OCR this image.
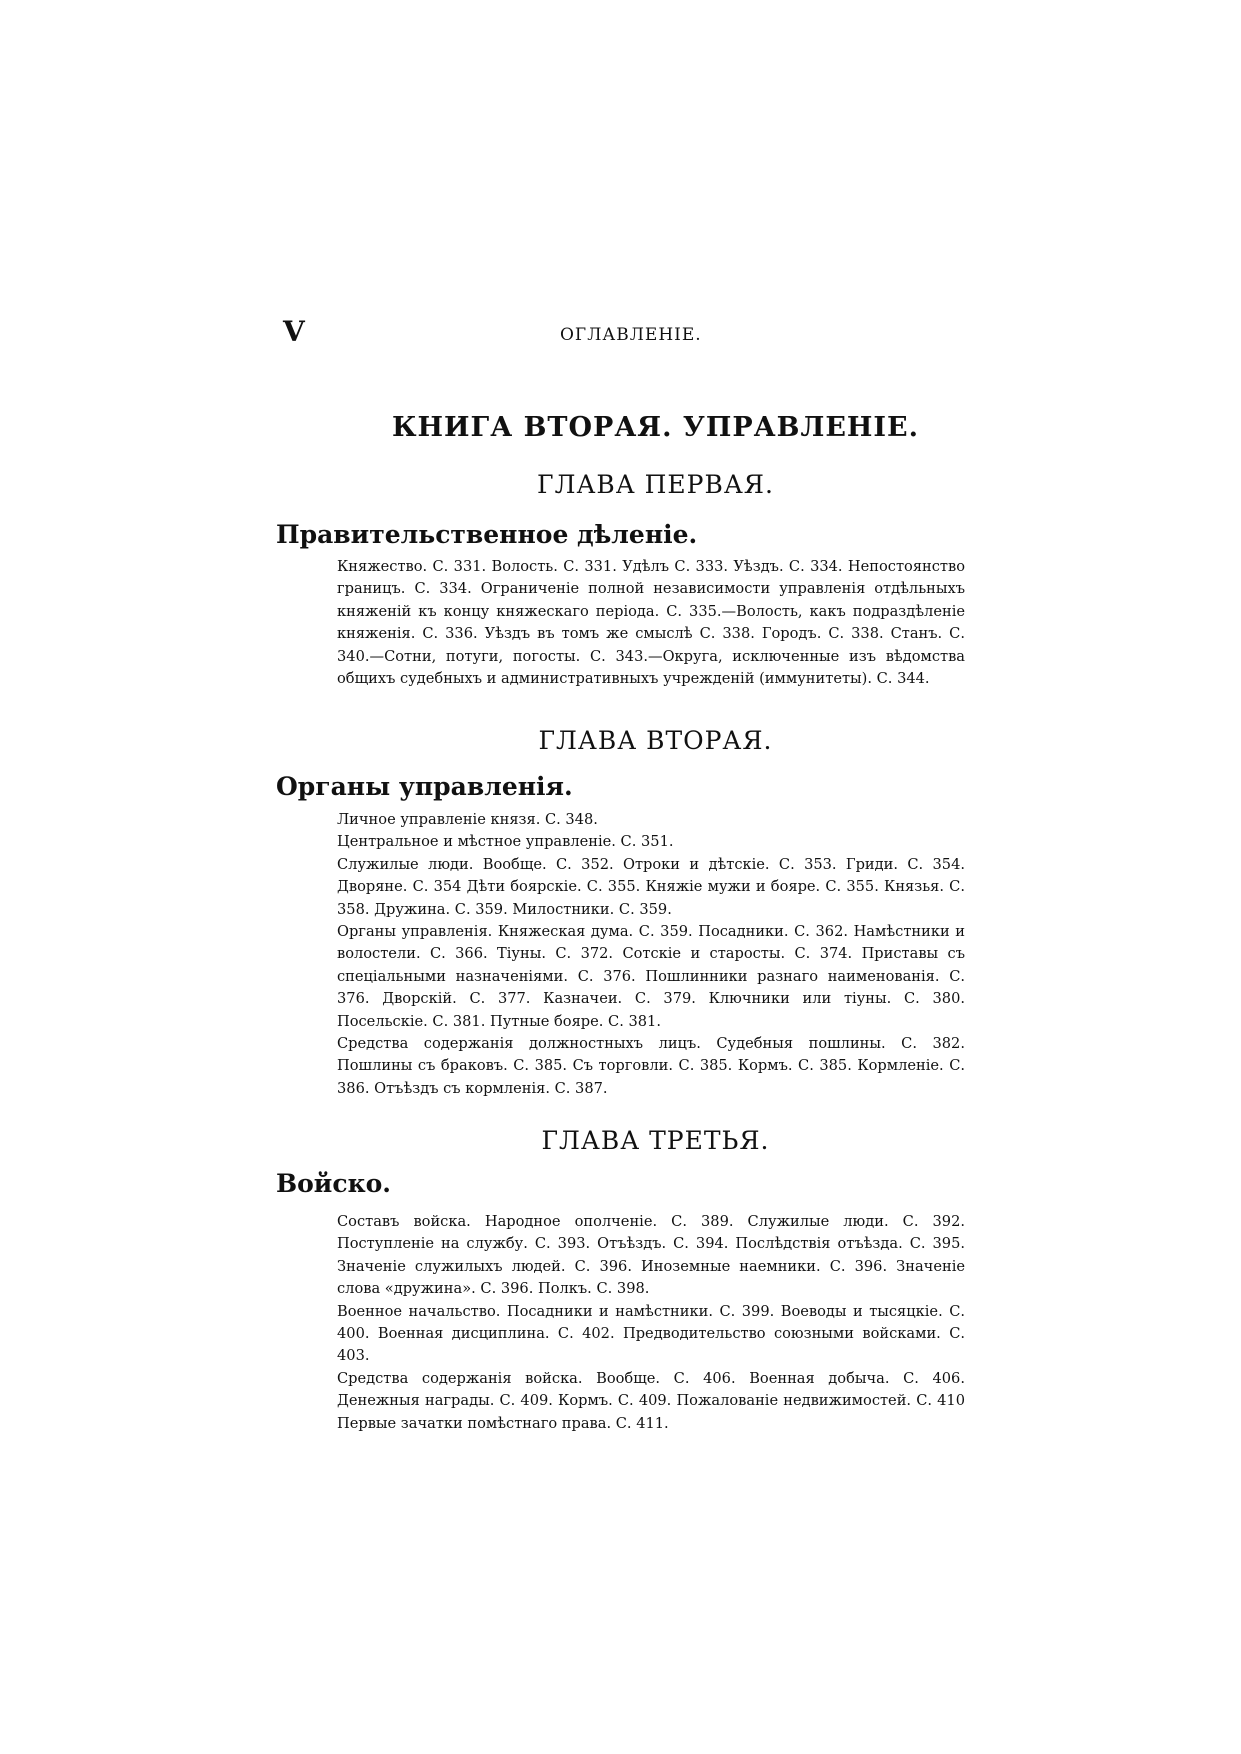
V	ОГЛАВЛЕНІЕ.
КНИГА ВТОРАЯ. УПРАВЛЕНІЕ.
ГЛАВА ПЕРВАЯ.
Правительственное дѣленіе.

Княжество. С. 331. Волость. С. 331. Удѣлъ С. 333. Уѣздъ. С. 334. Непостоянство границъ. С. 334. Ограниченіе полной независимости управленія отдѣльныхъ княженій къ концу княжескаго періода. С. 335.—Волость, какъ подраздѣленіе княженія. С. 336. Уѣздъ въ томъ же смыслѣ С. 338. Городъ. С. 338. Станъ. С. 340.—Сотни, потуги, погосты. С. 343.—Округа, исключенные изъ вѣдомства общихъ судебныхъ и административныхъ учрежденій (иммунитеты). С. 344.

ГЛАВА ВТОРАЯ.
Органы управленія.

Личное управленіе князя. С. 348.

Центральное и мѣстное управленіе. С. 351.

Служилые люди. Вообще. С. 352. Отроки и дѣтскіе. С. 353. Гриди. С. 354. Дворяне. С. 354 Дѣти боярскіе. С. 355. Княжіе мужи и бояре. С. 355. Князья. С. 358. Дружина. С. 359. Милостники. С. 359.

Органы управленія. Княжеская дума. С. 359. Посадники. С. 362. Намѣстники и волостели. С. 366. Тіуны. С. 372. Сотскіе и старосты. С. 374. Приставы съ спеціальными назначеніями. С. 376. Пошлинники разнаго наименованія. С. 376. Дворскій. С. 377. Казначеи. С. 379. Ключники или тіуны. С. 380. Посельскіе. С. 381. Путные бояре. С. 381.

Средства содержанія должностныхъ лицъ. Судебныя пошлины. С. 382. Пошлины съ браковъ. С. 385. Съ торговли. С. 385. Кормъ. С. 385. Кормленіе. С. 386. Отъѣздъ съ кормленія. С. 387.

ГЛАВА ТРЕТЬЯ.
Войско.

Составъ войска. Народное ополченіе. С. 389. Служилые люди. С. 392. Поступленіе на службу. С. 393. Отъѣздъ. С. 394. Послѣдствія отъѣзда. С. 395. Значеніе служилыхъ людей. С. 396. Иноземные наемники. С. 396. Значеніе слова «дружина». С. 396. Полкъ. С. 398.

Военное начальство. Посадники и намѣстники. С. 399. Воеводы и тысяцкіе. С. 400. Военная дисциплина. С. 402. Предводительство союзными войсками. С. 403.

Средства содержанія войска. Вообще. С. 406. Военная добыча. С. 406. Денежныя награды. С. 409. Кормъ. С. 409. Пожалованіе недвижимостей. С. 410 Первые зачатки помѣстнаго права. С. 411.
